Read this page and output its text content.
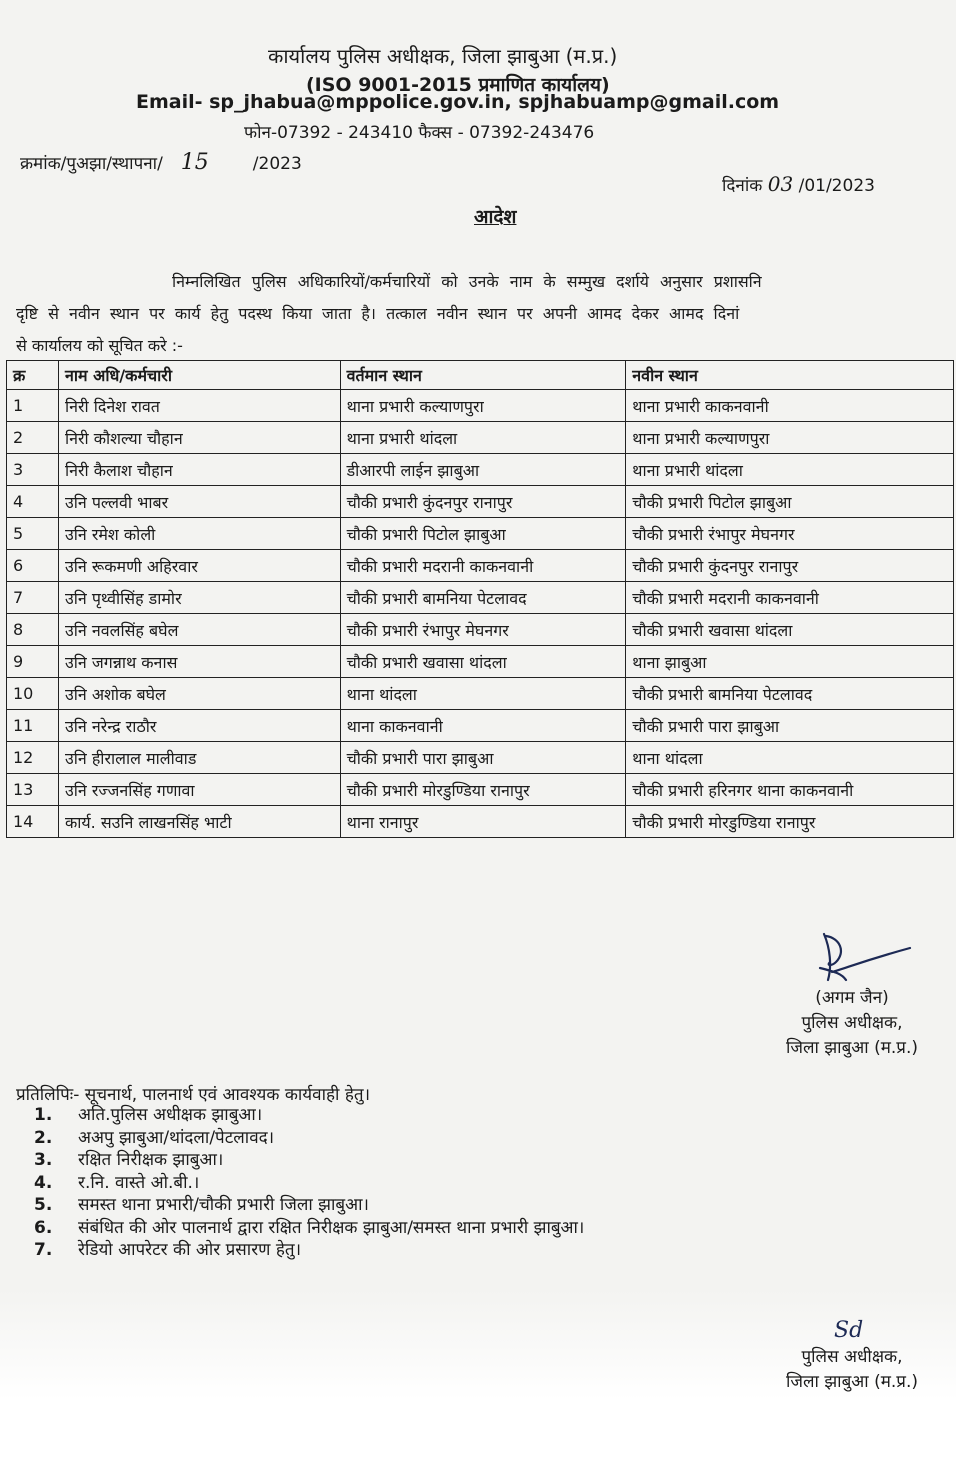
कार्यालय पुलिस अधीक्षक, जिला झाबुआ (म.प्र.)
(ISO 9001-2015 प्रमाणित कार्यालय)
Email- sp_jhabua@mppolice.gov.in, spjhabuamp@gmail.com
फोन-07392 - 243410 फैक्स - 07392-243476
क्रमांक/पुअझा/स्थापना/ 15	/2023
दिनांक 03 /01/2023
आदेश
निम्नलिखित पुलिस अधिकारियों/कर्मचारियों को उनके नाम के सम्मुख दर्शाये अनुसार प्रशासनि
दृष्टि से नवीन स्थान पर कार्य हेतु पदस्थ किया जाता है। तत्काल नवीन स्थान पर अपनी आमद देकर आमद दिनां
से कार्यालय को सूचित करे :-
क्र	नाम अधि/कर्मचारी	वर्तमान स्थान	नवीन स्थान
1	निरी दिनेश रावत	थाना प्रभारी कल्याणपुरा	थाना प्रभारी काकनवानी
2	निरी कौशल्या चौहान	थाना प्रभारी थांदला	थाना प्रभारी कल्याणपुरा
3	निरी कैलाश चौहान	डीआरपी लाईन झाबुआ	थाना प्रभारी थांदला
4	उनि पल्लवी भाबर	चौकी प्रभारी कुंदनपुर रानापुर	चौकी प्रभारी पिटोल झाबुआ
5	उनि रमेश कोली	चौकी प्रभारी पिटोल झाबुआ	चौकी प्रभारी रंभापुर मेघनगर
6	उनि रूकमणी अहिरवार	चौकी प्रभारी मदरानी काकनवानी	चौकी प्रभारी कुंदनपुर रानापुर
7	उनि पृथ्वीसिंह डामोर	चौकी प्रभारी बामनिया पेटलावद	चौकी प्रभारी मदरानी काकनवानी
8	उनि नवलसिंह बघेल	चौकी प्रभारी रंभापुर मेघनगर	चौकी प्रभारी खवासा थांदला
9	उनि जगन्नाथ कनास	चौकी प्रभारी खवासा थांदला	थाना झाबुआ
10	उनि अशोक बघेल	थाना थांदला	चौकी प्रभारी बामनिया पेटलावद
11	उनि नरेन्द्र राठौर	थाना काकनवानी	चौकी प्रभारी पारा झाबुआ
12	उनि हीरालाल मालीवाड	चौकी प्रभारी पारा झाबुआ	थाना थांदला
13	उनि रज्जनसिंह गणावा	चौकी प्रभारी मोरडुण्डिया रानापुर	चौकी प्रभारी हरिनगर थाना काकनवानी
14	कार्य. सउनि लाखनसिंह भाटी	थाना रानापुर	चौकी प्रभारी मोरडुण्डिया रानापुर
(अगम जैन)
पुलिस अधीक्षक,
जिला झाबुआ (म.प्र.)
प्रतिलिपिः- सूचनार्थ, पालनार्थ एवं आवश्यक कार्यवाही हेतु।
1. अति.पुलिस अधीक्षक झाबुआ।
2. अअपु झाबुआ/थांदला/पेटलावद।
3. रक्षित निरीक्षक झाबुआ।
4. र.नि. वास्ते ओ.बी.।
5. समस्त थाना प्रभारी/चौकी प्रभारी जिला झाबुआ।
6. संबंधित की ओर पालनार्थ द्वारा रक्षित निरीक्षक झाबुआ/समस्त थाना प्रभारी झाबुआ।
7. रेडियो आपरेटर की ओर प्रसारण हेतु।
Sd
पुलिस अधीक्षक,
जिला झाबुआ (म.प्र.)
